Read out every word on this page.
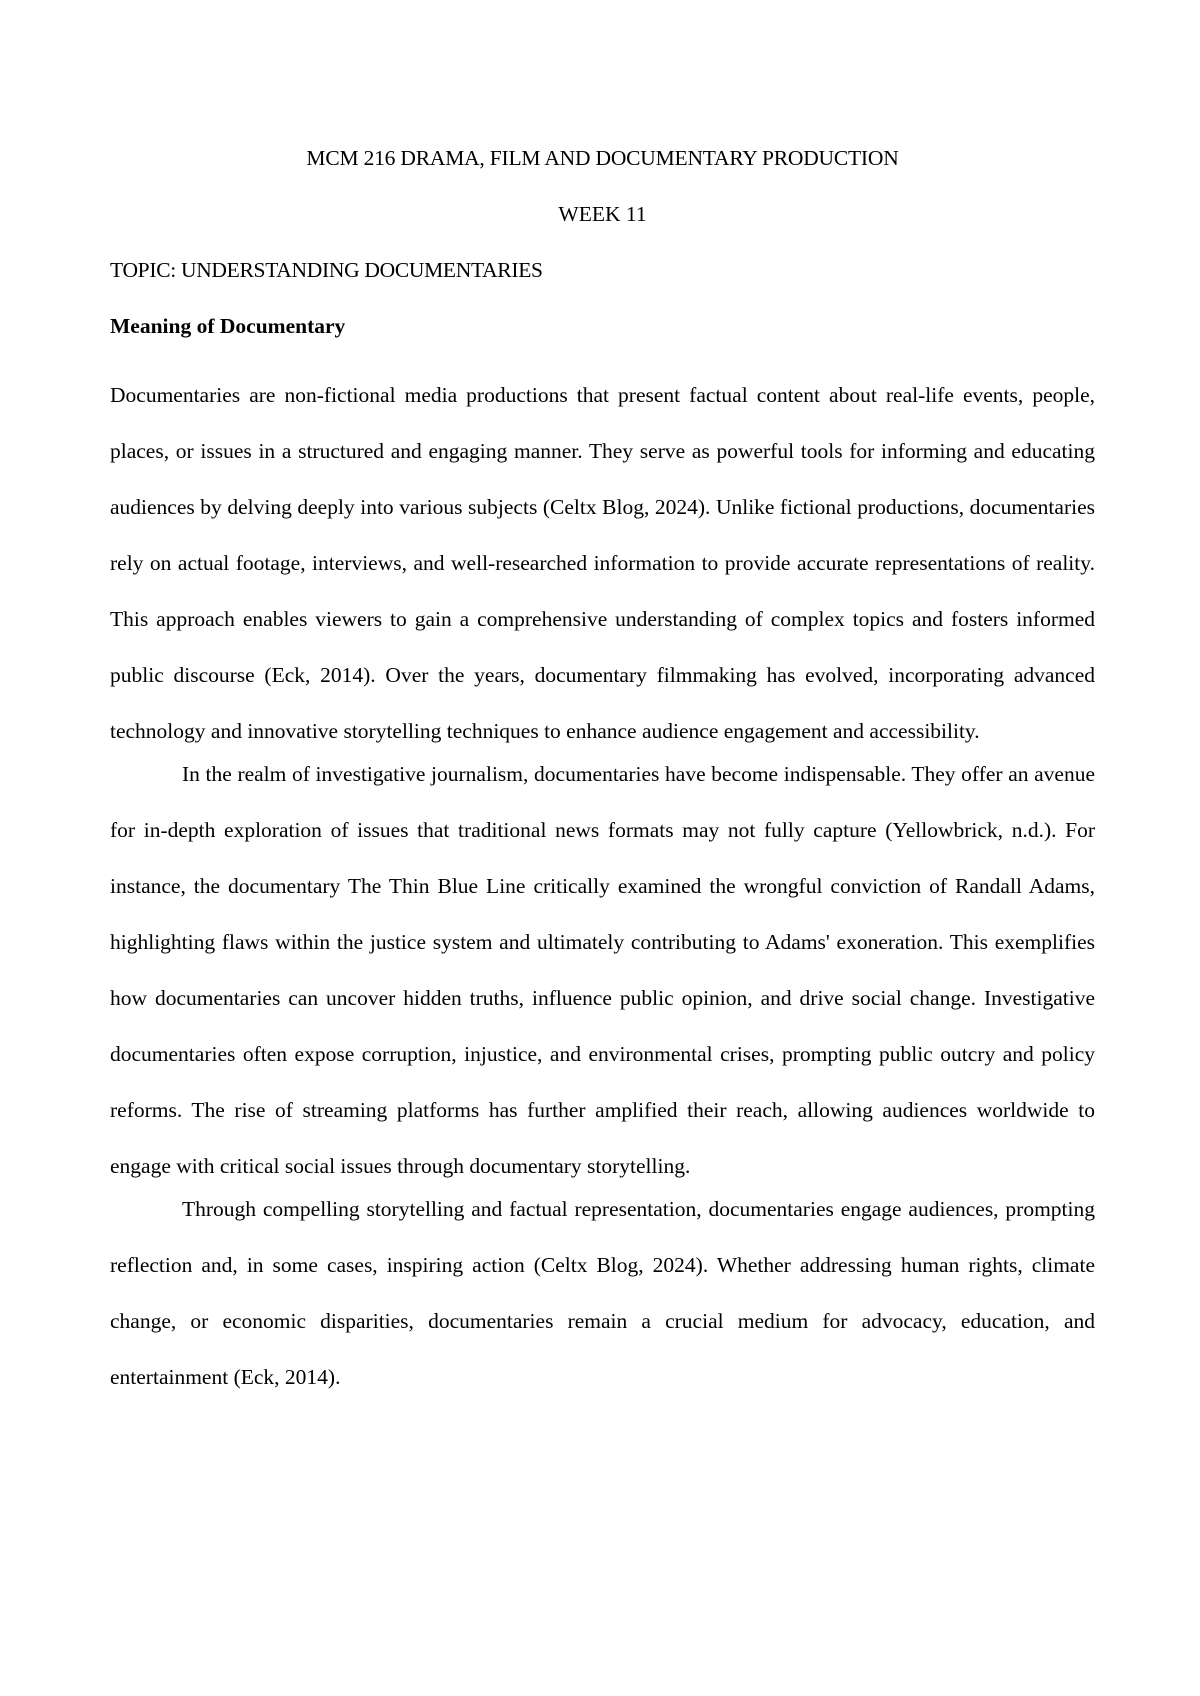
MCM 216 DRAMA, FILM AND DOCUMENTARY PRODUCTION
WEEK 11
TOPIC: UNDERSTANDING DOCUMENTARIES
Meaning of Documentary

Documentaries are non-fictional media productions that present factual content about real-life events, people, places, or issues in a structured and engaging manner. They serve as powerful tools for informing and educating audiences by delving deeply into various subjects (Celtx Blog, 2024). Unlike fictional productions, documentaries rely on actual footage, interviews, and well-researched information to provide accurate representations of reality. This approach enables viewers to gain a comprehensive understanding of complex topics and fosters informed public discourse (Eck, 2014). Over the years, documentary filmmaking has evolved, incorporating advanced technology and innovative storytelling techniques to enhance audience engagement and accessibility.

In the realm of investigative journalism, documentaries have become indispensable. They offer an avenue for in-depth exploration of issues that traditional news formats may not fully capture (Yellowbrick, n.d.). For instance, the documentary The Thin Blue Line critically examined the wrongful conviction of Randall Adams, highlighting flaws within the justice system and ultimately contributing to Adams' exoneration. This exemplifies how documentaries can uncover hidden truths, influence public opinion, and drive social change. Investigative documentaries often expose corruption, injustice, and environmental crises, prompting public outcry and policy reforms. The rise of streaming platforms has further amplified their reach, allowing audiences worldwide to engage with critical social issues through documentary storytelling.

Through compelling storytelling and factual representation, documentaries engage audiences, prompting reflection and, in some cases, inspiring action (Celtx Blog, 2024). Whether addressing human rights, climate change, or economic disparities, documentaries remain a crucial medium for advocacy, education, and entertainment (Eck, 2014).
